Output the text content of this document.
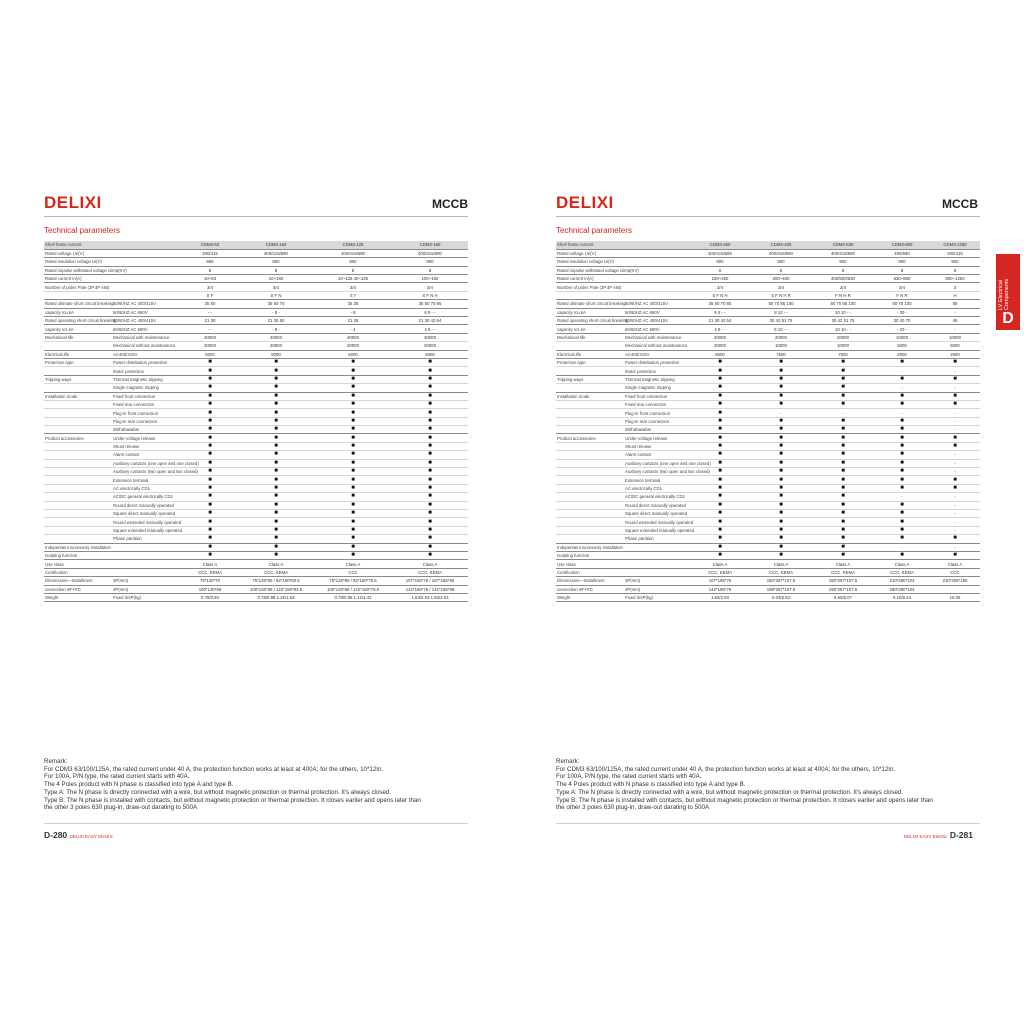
DELIXI	MCCB
Technical parameters
Shell frame current		CDM3-63	CDM3-160	CDM3-125	CDM3-160
Rated voltage Ue(V)		400/415	400/415/690	400/415/690	400/415/690
Rated insulation voltage Ui(V)		690	800	800	800
Rated impulse withstand voltage Uimp(KV)		8	8	8	8
Rated current In(A)		10~63	10~160	10~125 40~125	100~160
Number of poles Pole (3P,4P A/B)		3/4	3/4	3/4	3/4
		S F	S F N	S T	S F N H
Rated ultimate short circuit breaking	50/60HZ AC 400/415V	35 50	35 50 70	35 35	35 50 70 85
capacity Icu kA	50/60HZ AC 690V	- -	- 8 -	- 8	8 8 - -
Rated operating short circuit breaking	50/60HZ AC 400/415V	21 30	21 30 50	21 26	21 30 42 64
capacity Ics kA	50/60HZ AC 690V	- -	- 8 -	- 4	4 8 - -
Mechanical life	Mechanical with maintenance	40000	40000	40000	40000
	Mechanical without maintenance	20000	20000	20000	20000
Electrical life	AC400/415V	5000	5000	6000	5000
Protection type	Power distribution protection	■	■	■	■
	Motor protection	■	■	■	■
Tripping ways	Thermal magnetic tripping	■	■	■	■
	Single magnetic tripping	■	■	■	■
Installation mode	Fixed front connection	■	■	■	■
	Fixed rear connection	■	■	■	■
	Plug-in front connection	■	■	■	■
	Plug-in rear connection	■	■	■	■
	Withdrawable	■	■	■	■
Product accessories	Under-voltage release	■	■	■	■
	Shunt release	■	■	■	■
	Alarm contact	■	■	■	■
	Auxiliary contacts (one open and one closed)	■	■	■	■
	Auxiliary contacts (two open and two closed)	■	■	■	■
	Extension terminal	■	■	■	■
	AC electrically CD1	■	■	■	■
	AC/DC general electrically CD2	■	■	■	■
	Round direct manually operated	■	■	■	■
	Square direct manually operated	■	■	■	■
	Round extended manually operated	■	■	■	■
	Square extended manually operated	■	■	■	■
	Phase partition	■	■	■	■
Independent accessory installation		■	■	■	■
Isolating function		■	■	■	■
Use class		Class A	Class A	Class A	Class A
Certification		CCC, KEMA	CCC, KEMA	CCC	CCC, KEMA
Dimensions—Installment	3P(mm)	75*130*70	75*130*90 / 92*150*93.5	75*130*90 / 92*150*75.5	107*165*76 / 107*165*90
connection W*H*D	4P(mm)	100*130*68	100*130*88 / 122*150*93.5	100*130*88 / 122*150*75.5	142*165*76 / 142*165*88
Weight	Fixed 3/4P(kg)	0.78/0.93	0.78/0.98 1.25/1.53	0.78/0.95 1.12/1.42	1.53/2.03 1.53/2.03
Remark:
For CDM3 63/100/125A, the rated current under 40 A, the protection function works at least at 400A; for the others, 10*12In.
For 100A, P/N type, the rated current starts with 40A.
The 4 Poles product with N phase is classified into type A and type B.
Type A: The N phase is directly connected with a wire, but without magnetic protection or thermal protection. It's always closed.
Type B: The N phase is installed with contacts, but without magnetic protection or thermal protection. It closes earlier and opens later than
the other 3 poles 630 plug-in, draw-out darating to 500A
D-280 DELIXI EASY Electric
DELIXI	MCCB
Technical parameters
Shell frame current		CDM3-250	CDM3-400	CDM3-630	CDM3-800	CDM3-1250
Rated voltage Ue(V)		400/415/690	400/415/690	400/415/690	400/690	400/415
Rated insulation voltage Ui(V)		800	800	800	800	800
Rated impulse withstand voltage Uimp(KV)		8	8	8	8	8
Rated current In(A)		100~250	200~400	400/500/630	630~800	800~1250
Number of poles Pole (3P,4P A/B)		3/4	3/4	3/4	3/4	3
		S F N H	S F N H R	F N H R	F N R	H
Rated ultimate short circuit breaking	50/60HZ AC 400/415V	35 50 70 85	50 70 85 100	50 70 85 100	50 70 100	85
capacity Icu kA	50/60HZ AC 690V	8 8 - -	8 10 - -	10 10 - -	- 30 -	-
Rated operating short circuit breaking	50/60HZ AC 400/415V	21 30 42 64	30 42 51 75	30 42 51 75	30 40 70	45
capacity Ics kA	50/60HZ AC 690V	4 8 - -	5 10 - -	10 10 - -	- 20 -	-
Mechanical life	Mechanical with maintenance	40000	20000	20000	10000	10000
	Mechanical without maintenance	20000	10000	10000	5000	5000
Electrical life	AC400/415V	8000	7500	7500	2500	2500
Protection type	Power distribution protection	■	■	■	■	■
	Motor protection	■	■	■	-	-
Tripping ways	Thermal magnetic tripping	■	■	■	■	■
	Single magnetic tripping	■	■	■	-	-
Installation mode	Fixed front connection	■	■	■	■	■
	Fixed rear connection	■	■	■	■	■
	Plug-in front connection	■	-	-	-	-
	Plug-in rear connection	■	■	■	■	-
	Withdrawable	■	■	■	■	-
Product accessories	Under-voltage release	■	■	■	■	■
	Shunt release	■	■	■	■	■
	Alarm contact	■	■	■	■	-
	Auxiliary contacts (one open and one closed)	■	■	■	■	-
	Auxiliary contacts (two open and two closed)	■	■	■	■	-
	Extension terminal	■	■	■	■	■
	AC electrically CD1	■	■	■	■	■
	AC/DC general electrically CD2	■	■	■	-	-
	Round direct manually operated	■	■	■	■	-
	Square direct manually operated	■	■	■	■	-
	Round extended manually operated	■	■	■	■	-
	Square extended manually operated	■	■	■	■	-
	Phase partition	■	■	■	■	■
Independent accessory installation		■	■	■	-	-
Isolating function		■	■	■	■	■
Use class		Class A	Class A	Class A	Class A	Class A
Certification		CCC, KEMA	CCC, KEMA	CCC, KEMA	CCC, KEMA	CCC
Dimensions—Installment	3P(mm)	107*165*76	150*257*107.5	150*257*107.5	210*280*103	210*406*190
connection W*H*D	4P(mm)	142*165*76	198*257*107.5	198*257*107.5	280*280*103	
Weight	Fixed 3/4P(kg)	1.53/2.03	5.03/6.53	5.60/6.07	5.10/6.24	18.06
Remark:
For CDM3 63/100/125A, the rated current under 40 A, the protection function works at least at 400A; for the others, 10*12In.
For 100A, P/N type, the rated current starts with 40A.
The 4 Poles product with N phase is classified into type A and type B.
Type A: The N phase is directly connected with a wire, but without magnetic protection or thermal protection. It's always closed.
Type B: The N phase is installed with contacts, but without magnetic protection or thermal protection. It closes earlier and opens later than
the other 3 poles 630 plug-in, draw-out darating to 500A
DELIXI EASY Electric D-281
LV Electrical Components
D
